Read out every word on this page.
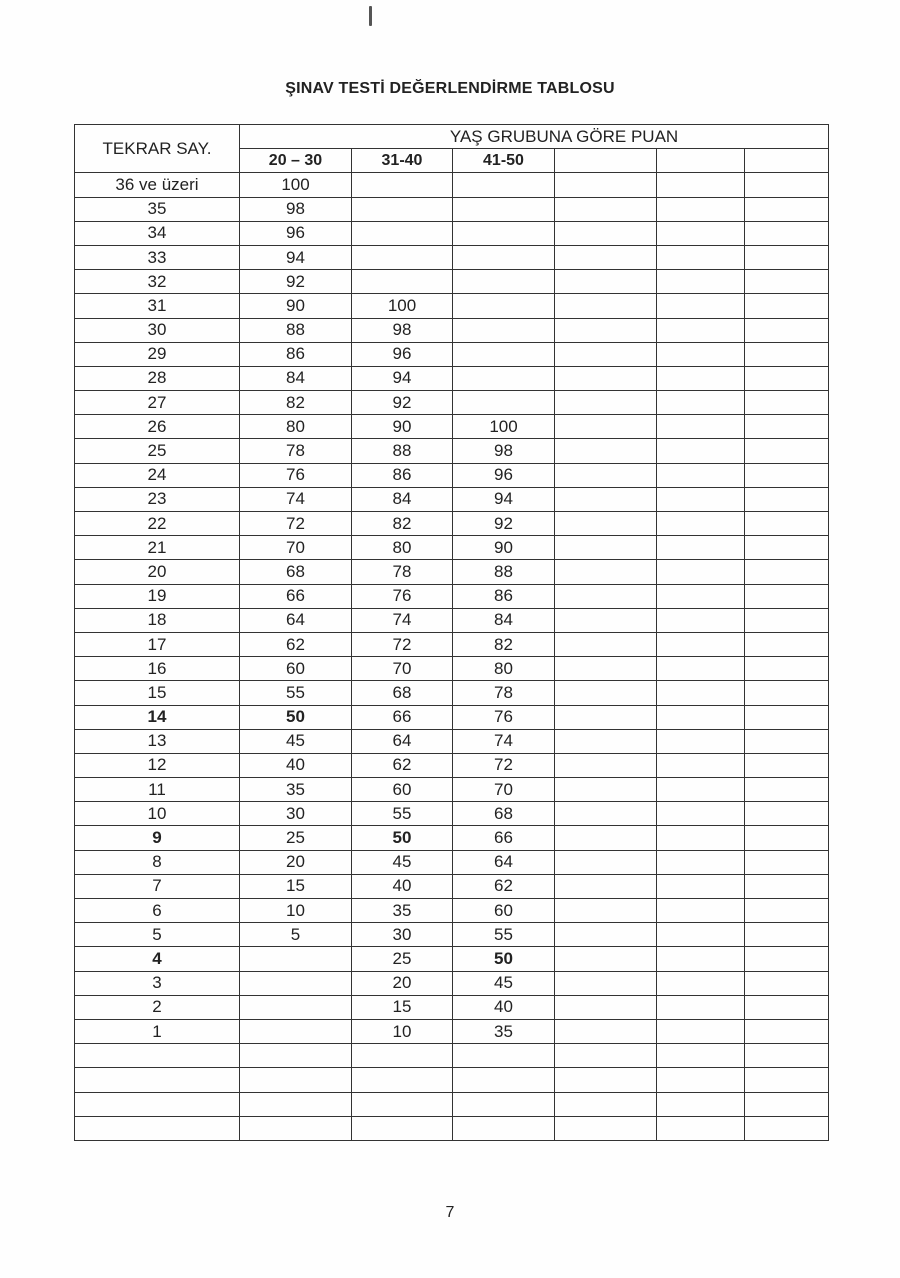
ŞINAV TESTİ DEĞERLENDİRME TABLOSU
TEKRAR SAY.	YAŞ GRUBUNA GÖRE PUAN					
	20 – 30	31-40	41-50			
36 ve üzeri	100					
35	98					
34	96					
33	94					
32	92					
31	90	100				
30	88	98				
29	86	96				
28	84	94				
27	82	92				
26	80	90	100			
25	78	88	98			
24	76	86	96			
23	74	84	94			
22	72	82	92			
21	70	80	90			
20	68	78	88			
19	66	76	86			
18	64	74	84			
17	62	72	82			
16	60	70	80			
15	55	68	78			
14	50	66	76			
13	45	64	74			
12	40	62	72			
11	35	60	70			
10	30	55	68			
9	25	50	66			
8	20	45	64			
7	15	40	62			
6	10	35	60			
5	5	30	55			
4		25	50			
3		20	45			
2		15	40			
1		10	35			

7
